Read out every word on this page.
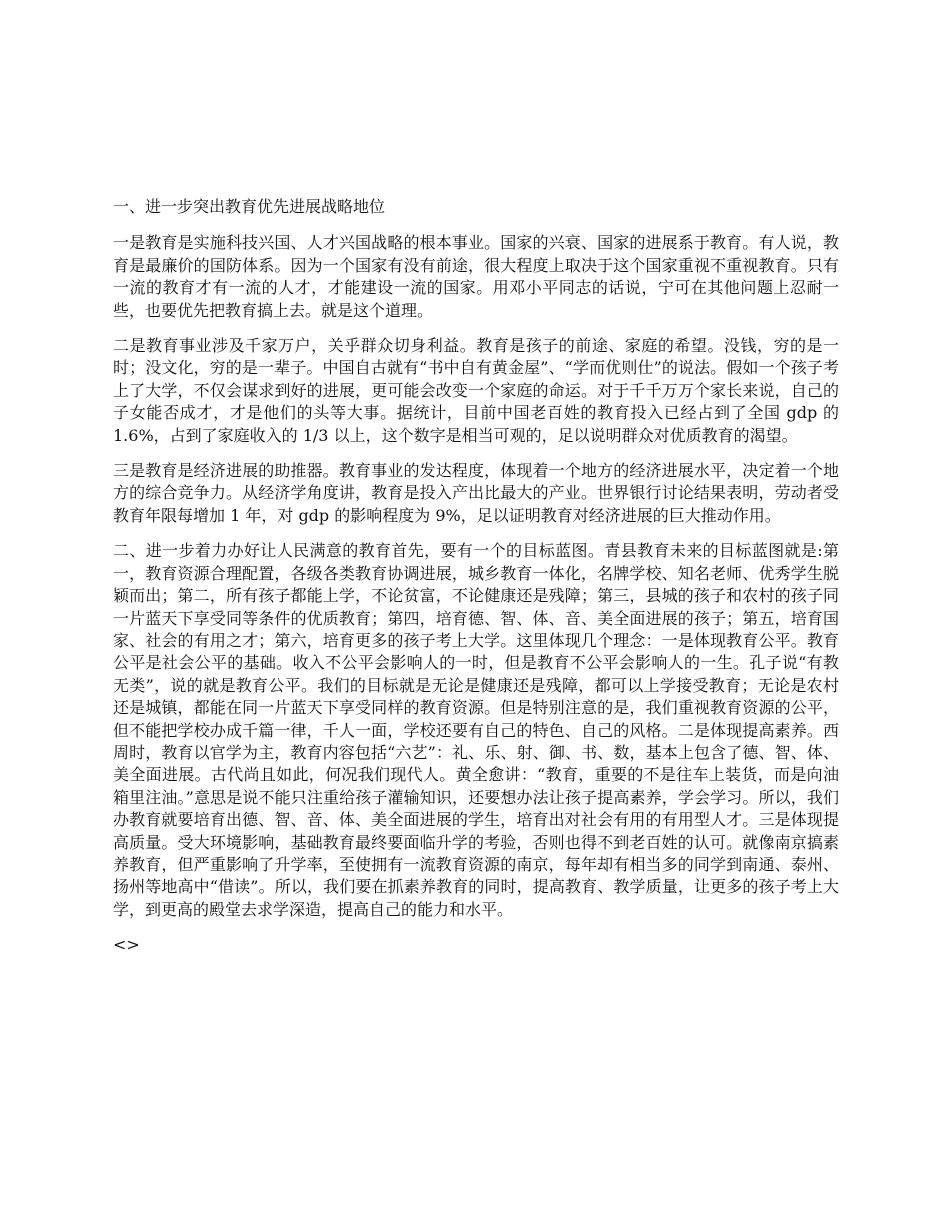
一、进一步突出教育优先进展战略地位

一是教育是实施科技兴国、人才兴国战略的根本事业。国家的兴衰、国家的进展系于教育。有人说，教育是最廉价的国防体系。因为一个国家有没有前途，很大程度上取决于这个国家重视不重视教育。只有一流的教育才有一流的人才，才能建设一流的国家。用邓小平同志的话说，宁可在其他问题上忍耐一些，也要优先把教育搞上去。就是这个道理。

二是教育事业涉及千家万户，关乎群众切身利益。教育是孩子的前途、家庭的希望。没钱，穷的是一时；没文化，穷的是一辈子。中国自古就有“书中自有黄金屋”、“学而优则仕”的说法。假如一个孩子考上了大学，不仅会谋求到好的进展，更可能会改变一个家庭的命运。对于千千万万个家长来说，自己的子女能否成才，才是他们的头等大事。据统计，目前中国老百姓的教育投入已经占到了全国 gdp 的 1.6%，占到了家庭收入的 1/3 以上，这个数字是相当可观的，足以说明群众对优质教育的渴望。

三是教育是经济进展的助推器。教育事业的发达程度，体现着一个地方的经济进展水平，决定着一个地方的综合竞争力。从经济学角度讲，教育是投入产出比最大的产业。世界银行讨论结果表明，劳动者受教育年限每增加 1 年，对 gdp 的影响程度为 9%，足以证明教育对经济进展的巨大推动作用。

二、进一步着力办好让人民满意的教育首先，要有一个的目标蓝图。青县教育未来的目标蓝图就是:第一，教育资源合理配置，各级各类教育协调进展，城乡教育一体化，名牌学校、知名老师、优秀学生脱颖而出；第二，所有孩子都能上学，不论贫富，不论健康还是残障；第三，县城的孩子和农村的孩子同一片蓝天下享受同等条件的优质教育；第四，培育德、智、体、音、美全面进展的孩子；第五，培育国家、社会的有用之才；第六，培育更多的孩子考上大学。这里体现几个理念：一是体现教育公平。教育公平是社会公平的基础。收入不公平会影响人的一时，但是教育不公平会影响人的一生。孔子说“有教无类”，说的就是教育公平。我们的目标就是无论是健康还是残障，都可以上学接受教育；无论是农村还是城镇，都能在同一片蓝天下享受同样的教育资源。但是特别注意的是，我们重视教育资源的公平，但不能把学校办成千篇一律，千人一面，学校还要有自己的特色、自己的风格。二是体现提高素养。西周时，教育以官学为主，教育内容包括“六艺”：礼、乐、射、御、书、数，基本上包含了德、智、体、美全面进展。古代尚且如此，何况我们现代人。黄全愈讲：“教育，重要的不是往车上装货，而是向油箱里注油。”意思是说不能只注重给孩子灌输知识，还要想办法让孩子提高素养，学会学习。所以，我们办教育就要培育出德、智、音、体、美全面进展的学生，培育出对社会有用的有用型人才。三是体现提高质量。受大环境影响，基础教育最终要面临升学的考验，否则也得不到老百姓的认可。就像南京搞素养教育，但严重影响了升学率，至使拥有一流教育资源的南京，每年却有相当多的同学到南通、泰州、扬州等地高中“借读”。所以，我们要在抓素养教育的同时，提高教育、教学质量，让更多的孩子考上大学，到更高的殿堂去求学深造，提高自己的能力和水平。

<>
